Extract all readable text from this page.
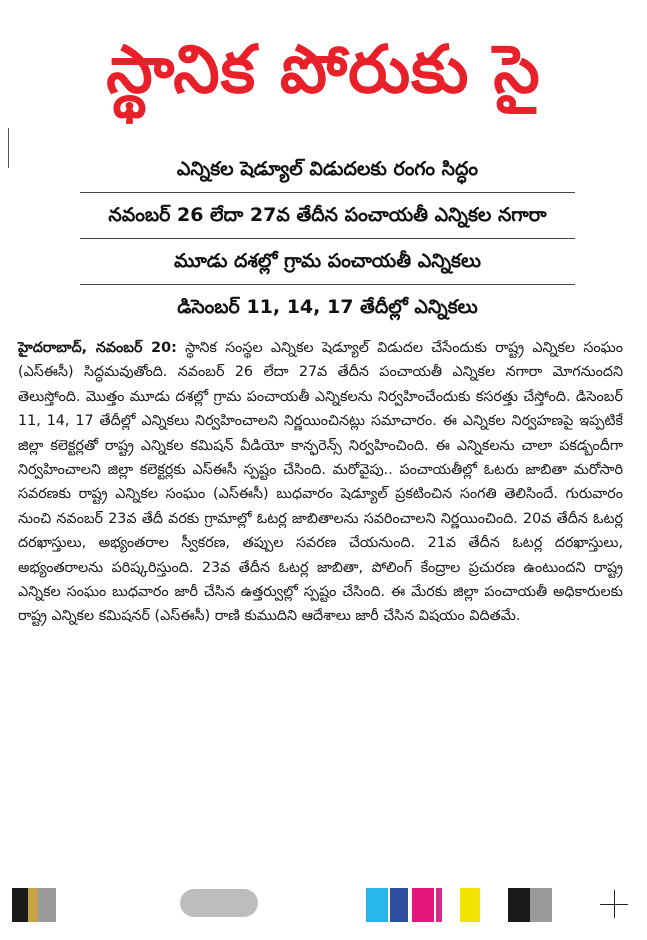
స్థానిక పోరుకు సై
ఎన్నికల షెడ్యూల్ విడుదలకు రంగం సిద్ధం
నవంబర్ 26 లేదా 27వ తేదీన పంచాయతీ ఎన్నికల నగారా
మూడు దశల్లో గ్రామ పంచాయతీ ఎన్నికలు
డిసెంబర్ 11, 14, 17 తేదీల్లో ఎన్నికలు
హైదరాబాద్, నవంబర్ 20: స్థానిక సంస్థల ఎన్నికల షెడ్యూల్ విడుదల చేసేందుకు రాష్ట్ర ఎన్నికల సంఘం (ఎస్ఈసీ) సిద్ధమవుతోంది. నవంబర్ 26 లేదా 27వ తేదీన పంచాయతీ ఎన్నికల నగారా మోగనుందని తెలుస్తోంది. మొత్తం మూడు దశల్లో గ్రామ పంచాయతీ ఎన్నికలను నిర్వహించేందుకు కసరత్తు చేస్తోంది. డిసెంబర్ 11, 14, 17 తేదీల్లో ఎన్నికలు నిర్వహించాలని నిర్ణయించినట్లు సమాచారం. ఈ ఎన్నికల నిర్వహణపై ఇప్పటికే జిల్లా కలెక్టర్లతో రాష్ట్ర ఎన్నికల కమిషన్ వీడియో కాన్ఫరెన్స్ నిర్వహించింది. ఈ ఎన్నికలను చాలా పకడ్బందీగా నిర్వహించాలని జిల్లా కలెక్టర్లకు ఎస్ఈసీ స్పష్టం చేసింది. మరోవైపు.. పంచాయతీల్లో ఓటరు జాబితా మరోసారి సవరణకు రాష్ట్ర ఎన్నికల సంఘం (ఎస్ఈసీ) బుధవారం షెడ్యూల్ ప్రకటించిన సంగతి తెలిసిందే. గురువారం నుంచి నవంబర్ 23వ తేదీ వరకు గ్రామాల్లో ఓటర్ల జాబితాలను సవరించాలని నిర్ణయించింది. 20వ తేదీన ఓటర్ల దరఖాస్తులు, అభ్యంతరాల స్వీకరణ, తప్పుల సవరణ చేయనుంది. 21వ తేదీన ఓటర్ల దరఖాస్తులు, అభ్యంతరాలను పరిష్కరిస్తుంది. 23వ తేదీన ఓటర్ల జాబితా, పోలింగ్ కేంద్రాల ప్రచురణ ఉంటుందని రాష్ట్ర ఎన్నికల సంఘం బుధవారం జారీ చేసిన ఉత్తర్వుల్లో స్పష్టం చేసింది. ఈ మేరకు జిల్లా పంచాయతీ అధికారులకు రాష్ట్ర ఎన్నికల కమిషనర్ (ఎస్ఈసీ) రాణి కుముదిని ఆదేశాలు జారీ చేసిన విషయం విదితమే.
